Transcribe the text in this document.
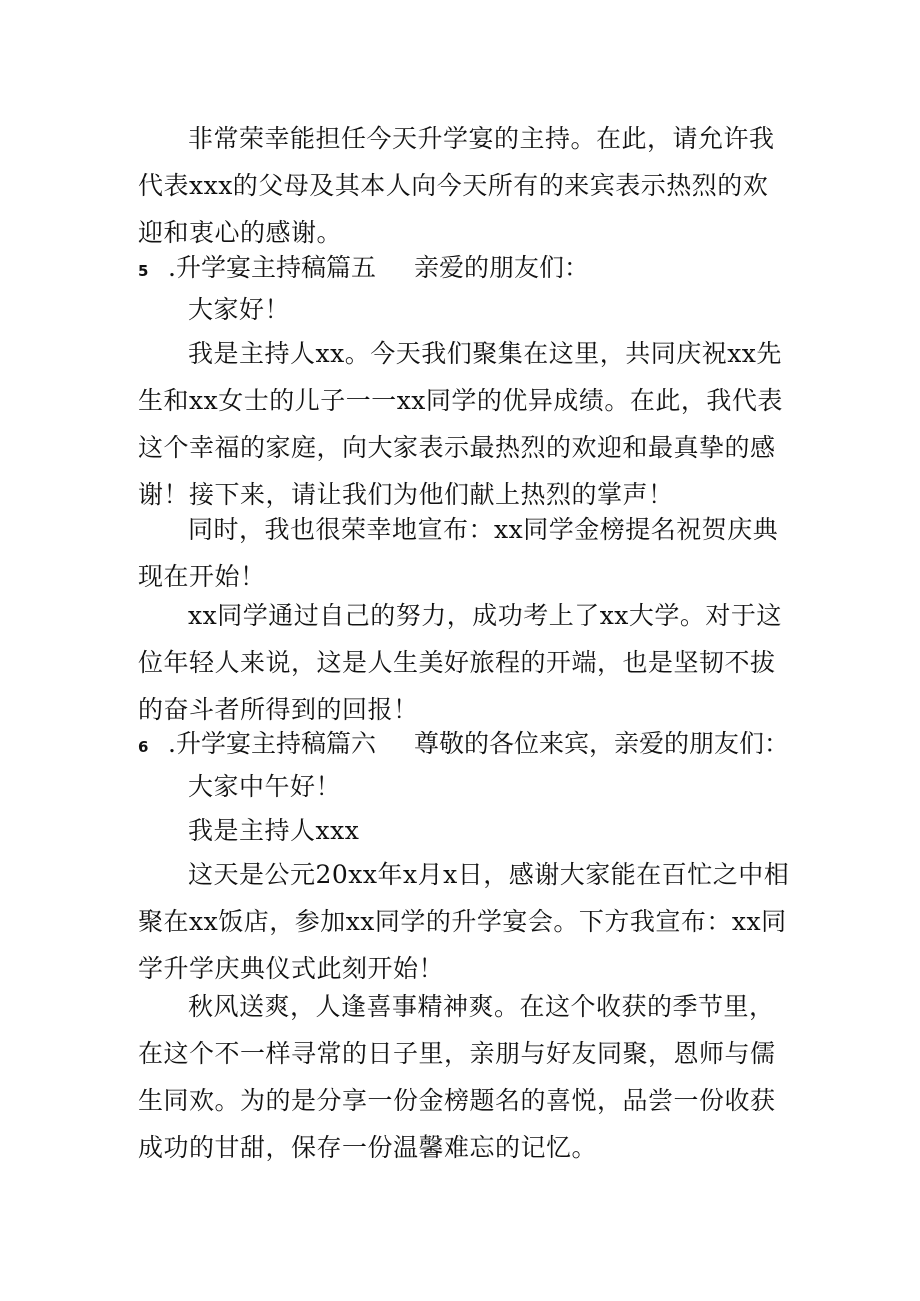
非常荣幸能担任今天升学宴的主持。在此，请允许我代表xxx的父母及其本人向今天所有的来宾表示热烈的欢迎和衷心的感谢。

5 .升学宴主持稿篇五 亲爱的朋友们：

大家好！

我是主持人xx。今天我们聚集在这里，共同庆祝xx先生和xx女士的儿子一一xx同学的优异成绩。在此，我代表这个幸福的家庭，向大家表示最热烈的欢迎和最真挚的感谢！接下来，请让我们为他们献上热烈的掌声！

同时，我也很荣幸地宣布：xx同学金榜提名祝贺庆典现在开始！

xx同学通过自己的努力，成功考上了xx大学。对于这位年轻人来说，这是人生美好旅程的开端，也是坚韧不拔的奋斗者所得到的回报！

6 .升学宴主持稿篇六 尊敬的各位来宾，亲爱的朋友们：

大家中午好！

我是主持人xxx

这天是公元20xx年x月x日，感谢大家能在百忙之中相聚在xx饭店，参加xx同学的升学宴会。下方我宣布：xx同学升学庆典仪式此刻开始！

秋风送爽，人逢喜事精神爽。在这个收获的季节里，在这个不一样寻常的日子里，亲朋与好友同聚，恩师与儒生同欢。为的是分享一份金榜题名的喜悦，品尝一份收获成功的甘甜，保存一份温馨难忘的记忆。
